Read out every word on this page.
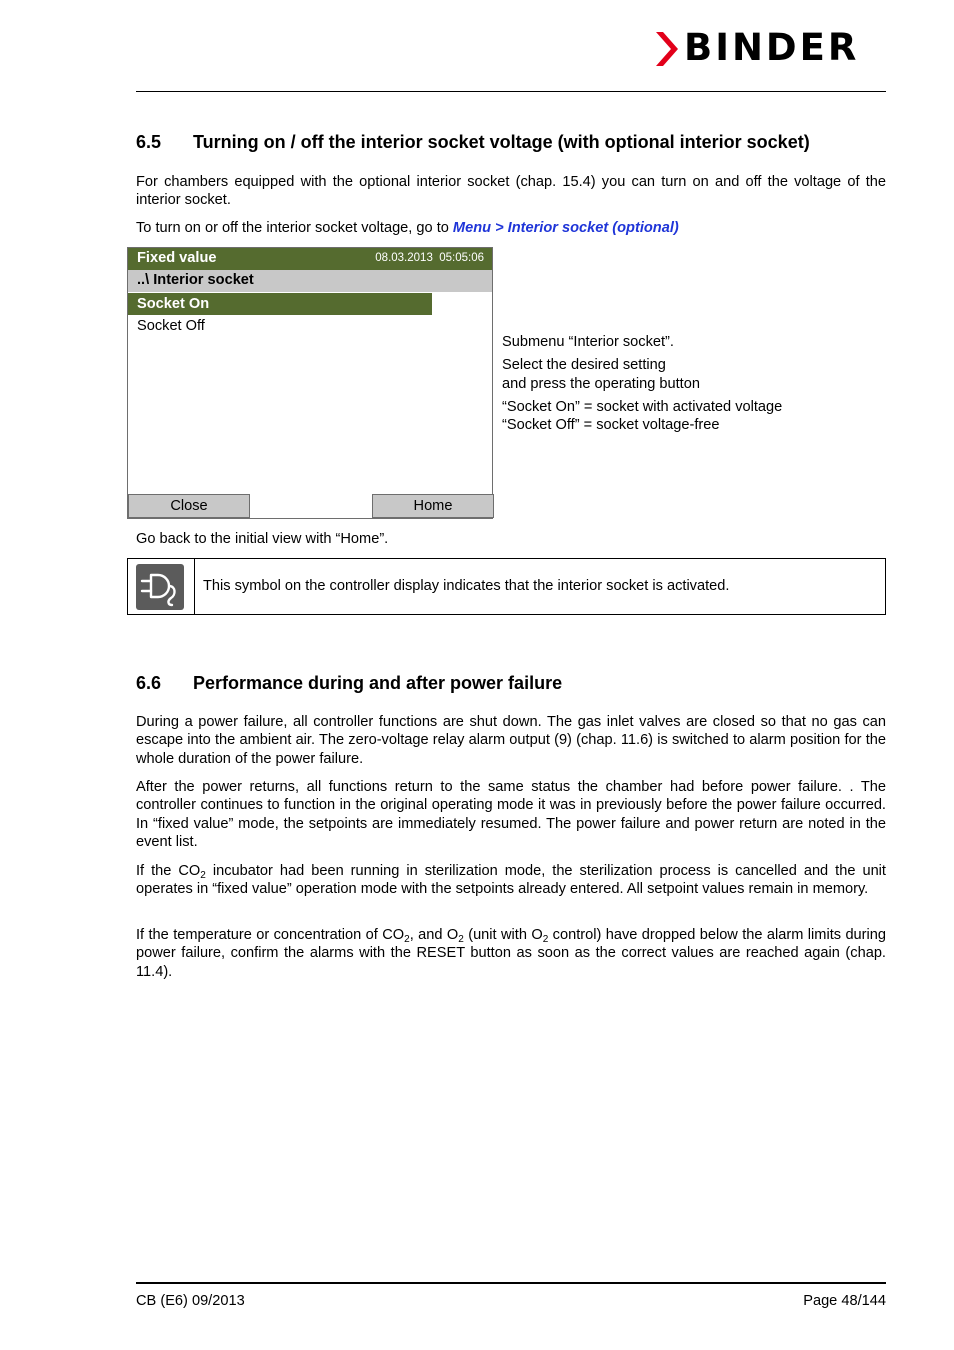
BINDER
6.5 Turning on / off the interior socket voltage (with optional interior socket)

For chambers equipped with the optional interior socket (chap. 15.4) you can turn on and off the voltage of the interior socket.

To turn on or off the interior socket voltage, go to Menu > Interior socket (optional)

Fixed value	08.03.2013  05:05:06
..\ Interior socket
Socket On
Socket Off
Close	Home

Submenu “Interior socket”.

Select the desired setting

and press the operating button

“Socket On” = socket with activated voltage

“Socket Off” = socket voltage-free

Go back to the initial view with “Home”.

This symbol on the controller display indicates that the interior socket is activated.
6.6 Performance during and after power failure

During a power failure, all controller functions are shut down. The gas inlet valves are closed so that no gas can escape into the ambient air. The zero-voltage relay alarm output (9) (chap. 11.6) is switched to alarm position for the whole duration of the power failure.

After the power returns, all functions return to the same status the chamber had before power failure. . The controller continues to function in the original operating mode it was in previously before the power failure occurred. In “fixed value” mode, the setpoints are immediately resumed. The power failure and power return are noted in the event list.

If the $CO_2$ incubator had been running in sterilization mode, the sterilization process is cancelled and the unit operates in “fixed value” operation mode with the setpoints already entered. All setpoint values remain in memory.

If the temperature or concentration of $CO_2$, and $O_2$ (unit with $O_2$ control) have dropped below the alarm limits during power failure, confirm the alarms with the RESET button as soon as the correct values are reached again (chap. 11.4).

CB (E6) 09/2013	Page 48/144
